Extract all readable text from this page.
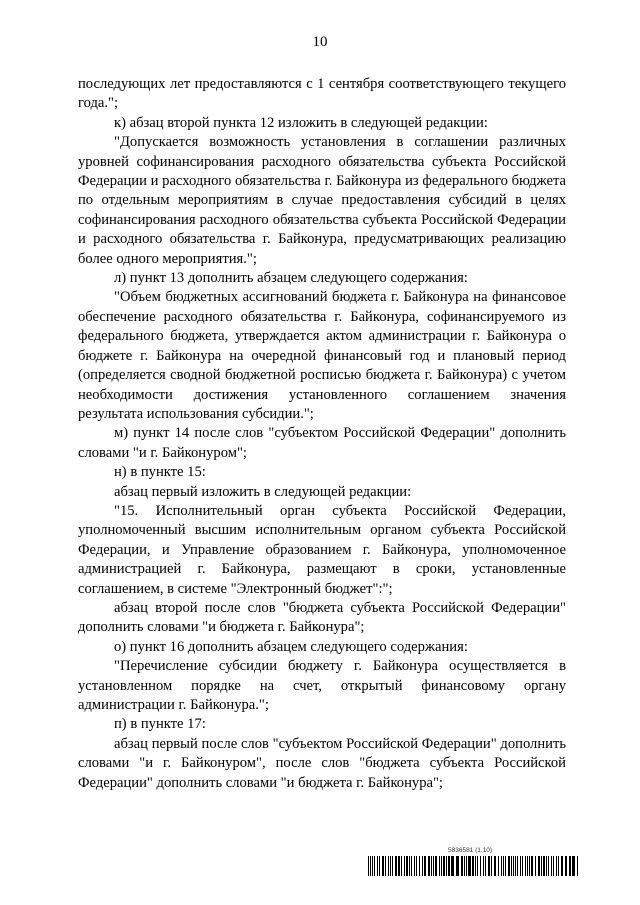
10

последующих лет предоставляются с 1 сентября соответствующего текущего года.";

к) абзац второй пункта 12 изложить в следующей редакции:

"Допускается возможность установления в соглашении различных уровней софинансирования расходного обязательства субъекта Российской Федерации и расходного обязательства г. Байконура из федерального бюджета по отдельным мероприятиям в случае предоставления субсидий в целях софинансирования расходного обязательства субъекта Российской Федерации и расходного обязательства г. Байконура, предусматривающих реализацию более одного мероприятия.";

л) пункт 13 дополнить абзацем следующего содержания:

"Объем бюджетных ассигнований бюджета г. Байконура на финансовое обеспечение расходного обязательства г. Байконура, софинансируемого из федерального бюджета, утверждается актом администрации г. Байконура о бюджете г. Байконура на очередной финансовый год и плановый период (определяется сводной бюджетной росписью бюджета г. Байконура) с учетом необходимости достижения установленного соглашением значения результата использования субсидии.";

м) пункт 14 после слов "субъектом Российской Федерации" дополнить словами "и г. Байконуром";

н) в пункте 15:

абзац первый изложить в следующей редакции:

"15. Исполнительный орган субъекта Российской Федерации, уполномоченный высшим исполнительным органом субъекта Российской Федерации, и Управление образованием г. Байконура, уполномоченное администрацией г. Байконура, размещают в сроки, установленные соглашением, в системе "Электронный бюджет":";

абзац второй после слов "бюджета субъекта Российской Федерации" дополнить словами "и бюджета г. Байконура";

о) пункт 16 дополнить абзацем следующего содержания:

"Перечисление субсидии бюджету г. Байконура осуществляется в установленном порядке на счет, открытый финансовому органу администрации г. Байконура.";

п) в пункте 17:

абзац первый после слов "субъектом Российской Федерации" дополнить словами "и г. Байконуром", после слов "бюджета субъекта Российской Федерации" дополнить словами "и бюджета г. Байконура";

5836581 (1.10)
